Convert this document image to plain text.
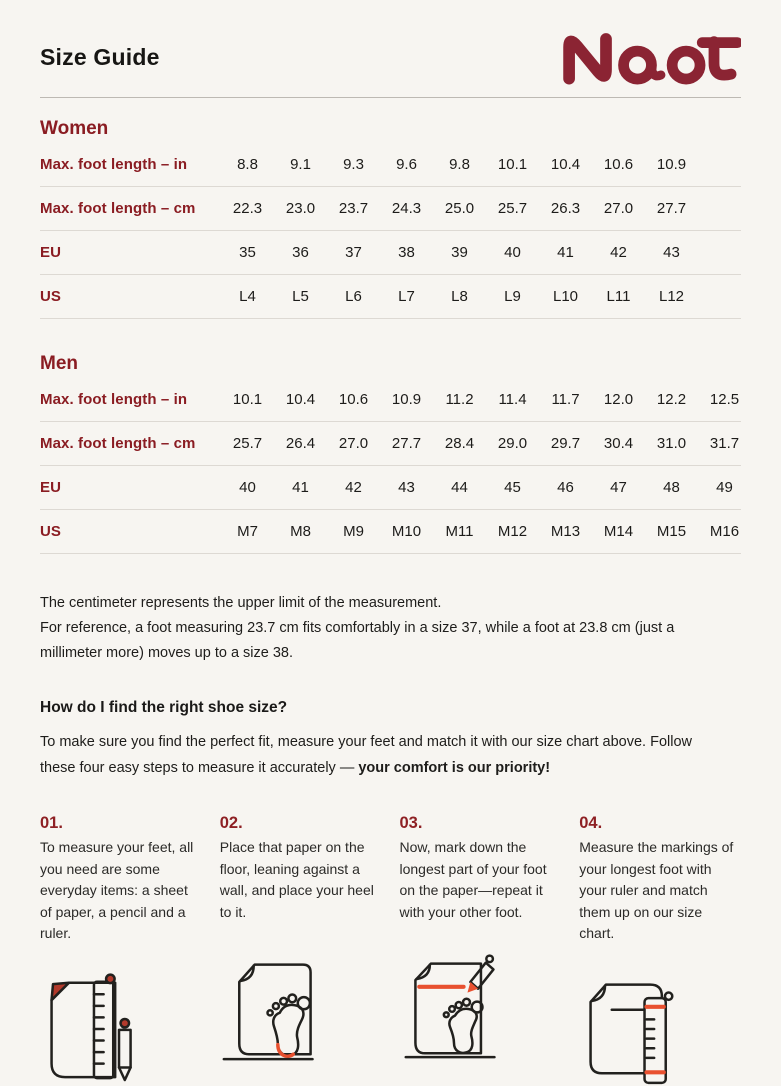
Size Guide
Women
Max. foot length – in	8.8	9.1	9.3	9.6	9.8	10.1	10.4	10.6	10.9
Max. foot length – cm	22.3	23.0	23.7	24.3	25.0	25.7	26.3	27.0	27.7
EU	35	36	37	38	39	40	41	42	43
US	L4	L5	L6	L7	L8	L9	L10	L11	L12
Men
Max. foot length – in	10.1	10.4	10.6	10.9	11.2	11.4	11.7	12.0	12.2	12.5
Max. foot length – cm	25.7	26.4	27.0	27.7	28.4	29.0	29.7	30.4	31.0	31.7
EU	40	41	42	43	44	45	46	47	48	49
US	M7	M8	M9	M10	M11	M12	M13	M14	M15	M16

The centimeter represents the upper limit of the measurement.

For reference, a foot measuring 23.7 cm fits comfortably in a size 37, while a foot at 23.8 cm (just a millimeter more) moves up to a size 38.

How do I find the right shoe size?

To make sure you find the perfect fit, measure your feet and match it with our size chart above. Follow these four easy steps to measure it accurately — your comfort is our priority!

01.
To measure your feet, all you need are some everyday items: a sheet of paper, a pencil and a ruler.
02.
Place that paper on the floor, leaning against a wall, and place your heel to it.
03.
Now, mark down the longest part of your foot on the paper—repeat it with your other foot.
04.
Measure the markings of your longest foot with your ruler and match them up on our size chart.
